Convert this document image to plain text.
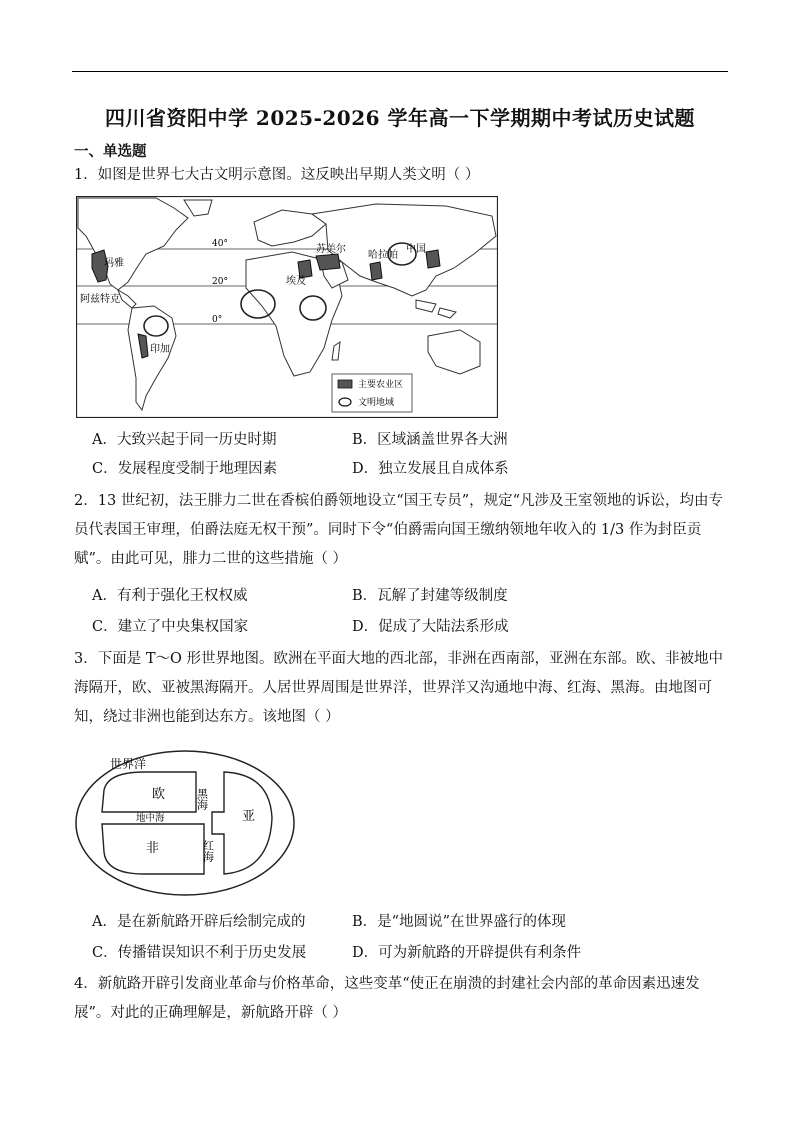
四川省资阳中学 2025-2026 学年高一下学期期中考试历史试题
一、单选题
1．如图是世界七大古文明示意图。这反映出早期人类文明（ ）
40°
20°
0°
玛雅
阿兹特克
印加
苏美尔
埃及
哈拉帕
中国
主要农业区
文明地域
A．大致兴起于同一历史时期	B．区域涵盖世界各大洲
C．发展程度受制于地理因素	D．独立发展且自成体系
2．13 世纪初，法王腓力二世在香槟伯爵领地设立“国王专员”，规定“凡涉及王室领地的诉讼，均由专员代表国王审理，伯爵法庭无权干预”。同时下令“伯爵需向国王缴纳领地年收入的 1/3 作为封臣贡赋”。由此可见，腓力二世的这些措施（ ）
A．有利于强化王权权威	B．瓦解了封建等级制度
C．建立了中央集权国家	D．促成了大陆法系形成
3．下面是 T～O 形世界地图。欧洲在平面大地的西北部，非洲在西南部，亚洲在东部。欧、非被地中海隔开，欧、亚被黑海隔开。人居世界周围是世界洋，世界洋又沟通地中海、红海、黑海。由地图可知，绕过非洲也能到达东方。该地图（ ）
世界洋
欧	黑海
地中海	亚
非	红海
A．是在新航路开辟后绘制完成的	B．是“地圆说”在世界盛行的体现
C．传播错误知识不利于历史发展	D．可为新航路的开辟提供有利条件
4．新航路开辟引发商业革命与价格革命，这些变革“使正在崩溃的封建社会内部的革命因素迅速发展”。对此的正确理解是，新航路开辟（ ）
